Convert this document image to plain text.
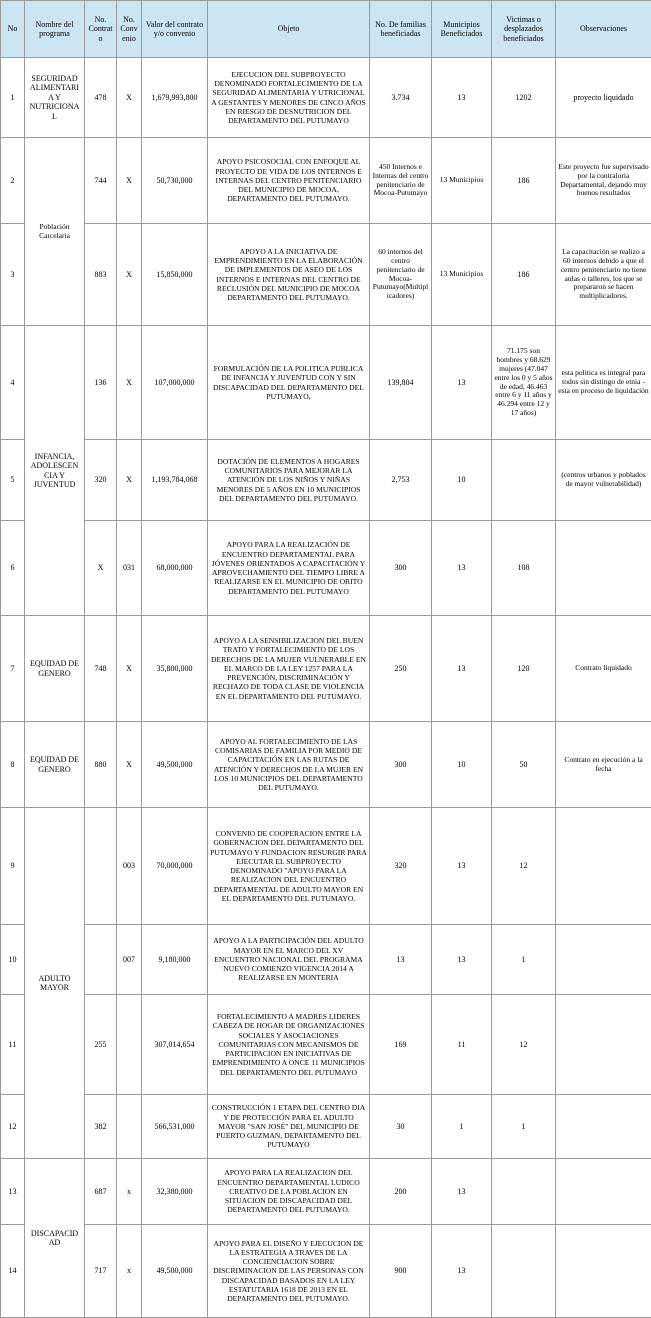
No	Nombre del programa	No. Contrat o	No. Conv enio	Valor del contrato y/o convenio	Objeto	No. De familias beneficiadas	Municipios Beneficiados	Victimas o desplazados beneficiados	Observaciones
1	SEGURIDAD ALIMENTARI A Y NUTRICIONA L	478	X	1,679,993,800	EJECUCION DEL SUBPROYECTO DENOMINADO FORTALECIMIENTO DE LA SEGURIDAD ALIMENTARIA Y UTRICIONAL A GESTANTES Y MENORES DE CINCO AÑOS EN RIESGO DE DESNUTRICION DEL DEPARTAMENTO DEL PUTUMAYO	3.734	13	1202	proyecto liquidado
2	Población Carcelaria	744	X	50,730,000	APOYO PSICOSOCIAL CON ENFOQUE AL PROYECTO DE VIDA DE LOS INTERNOS E INTERNAS DEL CENTRO PENITENCIARIO DEL MUNICIPIO DE MOCOA, DEPARTAMENTO DEL PUTUMAYO.	450 Internos e Internas del centro penitenciario de Mocoa-Putumayo	13 Municipios	186	Este proyecto fue supervisado por la contraloria Departamental, dejando muy buenos resultados
3		883	X	15,850,000	APOYO A LA INICIATIVA DE EMPRENDIMIENTO EN LA ELABORACIÓN DE IMPLEMENTOS DE ASEO DE LOS INTERNOS E INTERNAS DEL CENTRO DE RECLUSIÓN DEL MUNICIPIO DE MOCOA DEPARTAMENTO DEL PUTUMAYO.	60 internos del centro penitenciario de Mocoa-Putumayo(Multiplicadores)	13 Municipios	186	La capacitación se realizo a 60 internos debido a que el centro penitenciario no tiene aulas o talleres, los que se prepararon se hacen multiplicadores.
4	INFANCIA, ADOLESCEN CIA Y JUVENTUD	136	X	107,000,000	FORMULACIÓN DE LA POLITICA PUBLICA DE INFANCIA Y JUVENTUD CON Y SIN DISCAPACIDAD DEL DEPARTAMENTO DEL PUTUMAYO,	139,804	13	71.175 son hombres y 68.629 mujeres (47.047 entre los 0 y 5 años de edad, 46.463 entre 6 y 11 años y 46.294 entre 12 y 17 años)	esta politica es integral para todos sin distingo de etnia - esta en proceso de liquidación
5		320	X	1,193,784,068	DOTACIÓN DE ELEMENTOS A HOGARES COMUNITARIOS PARA MEJORAR LA ATENCIÓN DE LOS NIÑOS Y NIÑAS MENORES DE 5 AÑOS EN 10 MUNICIPIOS DEL DEPARTAMENTO DEL PUTUMAYO.	2,753	10		(centros urbanos y poblados de mayor vulnerabilidad)
6		X	031	68,000,000	APOYO PARA LA REALIZACIÓN DE ENCUENTRO DEPARTAMENTAL PARA JÓVENES ORIENTADOS A CAPACITACIÓN Y APROVECHAMIENTO DEL TIEMPO LIBRE A REALIZARSE EN EL MUNICIPIO DE ORITO DEPARTAMENTO DEL PUTUMAYO	300	13	108	
7	EQUIDAD DE GENERO	748	X	35,800,000	APOYO A LA SENSIBILIZACION DEL BUEN TRATO Y FORTALECIMIENTO DE LOS DERECHOS DE LA MUJER VULNERABLE EN EL MARCO DE LA LEY 1257 PARA LA PREVENCIÓN, DISCRIMINACIÓN Y RECHAZO DE TODA CLASE DE VIOLENCIA EN EL DEPARTAMENTO DEL PUTUMAYO.	250	13	120	Contrato liquidado
8	EQUIDAD DE GENERO	880	X	49,500,000	APOYO AL FORTALECIMIENTO DE LAS COMISARIAS DE FAMILIA POR MEDIO DE CAPACITACIÓN EN LAS RUTAS DE ATENCIÓN Y DERECHOS DE LA MUJER EN LOS 10 MUNICIPIOS DEL DEPARTAMENTO DEL PUTUMAYO.	300	10	50	Contrato en ejecución a la fecha
9	ADULTO MAYOR		003	70,000,000	CONVENIO DE COOPERACION ENTRE LA GOBERNACION DEL DEPARTAMENTO DEL PUTUMAYO Y FUNDACION RESURGIR PARA EJECUTAR EL SUBPROYECTO DENOMINADO "APOYO PARA LA REALIZACION DEL ENCUENTRO DEPARTAMENTAL DE ADULTO MAYOR EN EL DEPARTAMENTO DEL PUTUMAYO.	320	13	12	
10			007	9,180,000	APOYO A LA PARTICIPACIÓN DEL ADULTO MAYOR EN EL MARCO DEL XV ENCUENTRO NACIONAL DEL PROGRAMA NUEVO COMIENZO VIGENCIA 2014 A REALIZARSE EN MONTERIA	13	13	1	
11		255		307,014,654	FORTALECIMIENTO A MADRES LIDERES CABEZA DE HOGAR DE ORGANIZACIONES SOCIALES Y ASOCIACIONES COMUNITARIAS CON MECANISMOS DE PARTICIPACION EN INICIATIVAS DE EMPRENDIMIENTO A ONCE 11 MUNICIPIOS DEL DEPARTAMENTO DEL PUTUMAYO	169	11	12	
12		382		566,531,000	CONSTRUCCIÓN 1 ETAPA DEL CENTRO DIA Y DE PROTECCIÓN PARA EL ADULTO MAYOR "SAN JOSÉ" DEL MUNICIPIO DE PUERTO GUZMAN, DEPARTAMENTO DEL PUTUMAYO	30	1	1	
13	DISCAPACID AD	687	x	32,380,000	APOYO PARA LA REALIZACION DEL ENCUENTRO DEPARTAMENTAL LUDICO CREATIVO DE LA POBLACION EN SITUACION DE DISCAPACIDAD DEL DEPARTAMENTO DEL PUTUMAYO.	200	13		
14		717	x	49,500,000	APOYO PARA EL DISEÑO Y EJECUCION DE LA ESTRATEGIA A TRAVES DE LA CONCIENCIACION SOBRE DISCRIMINACION DE LAS PERSONAS CON DISCAPACIDAD BASADOS EN LA LEY ESTATUTARIA 1618 DE 2013 EN EL DEPARTAMENTO DEL PUTUMAYO.	900	13		
